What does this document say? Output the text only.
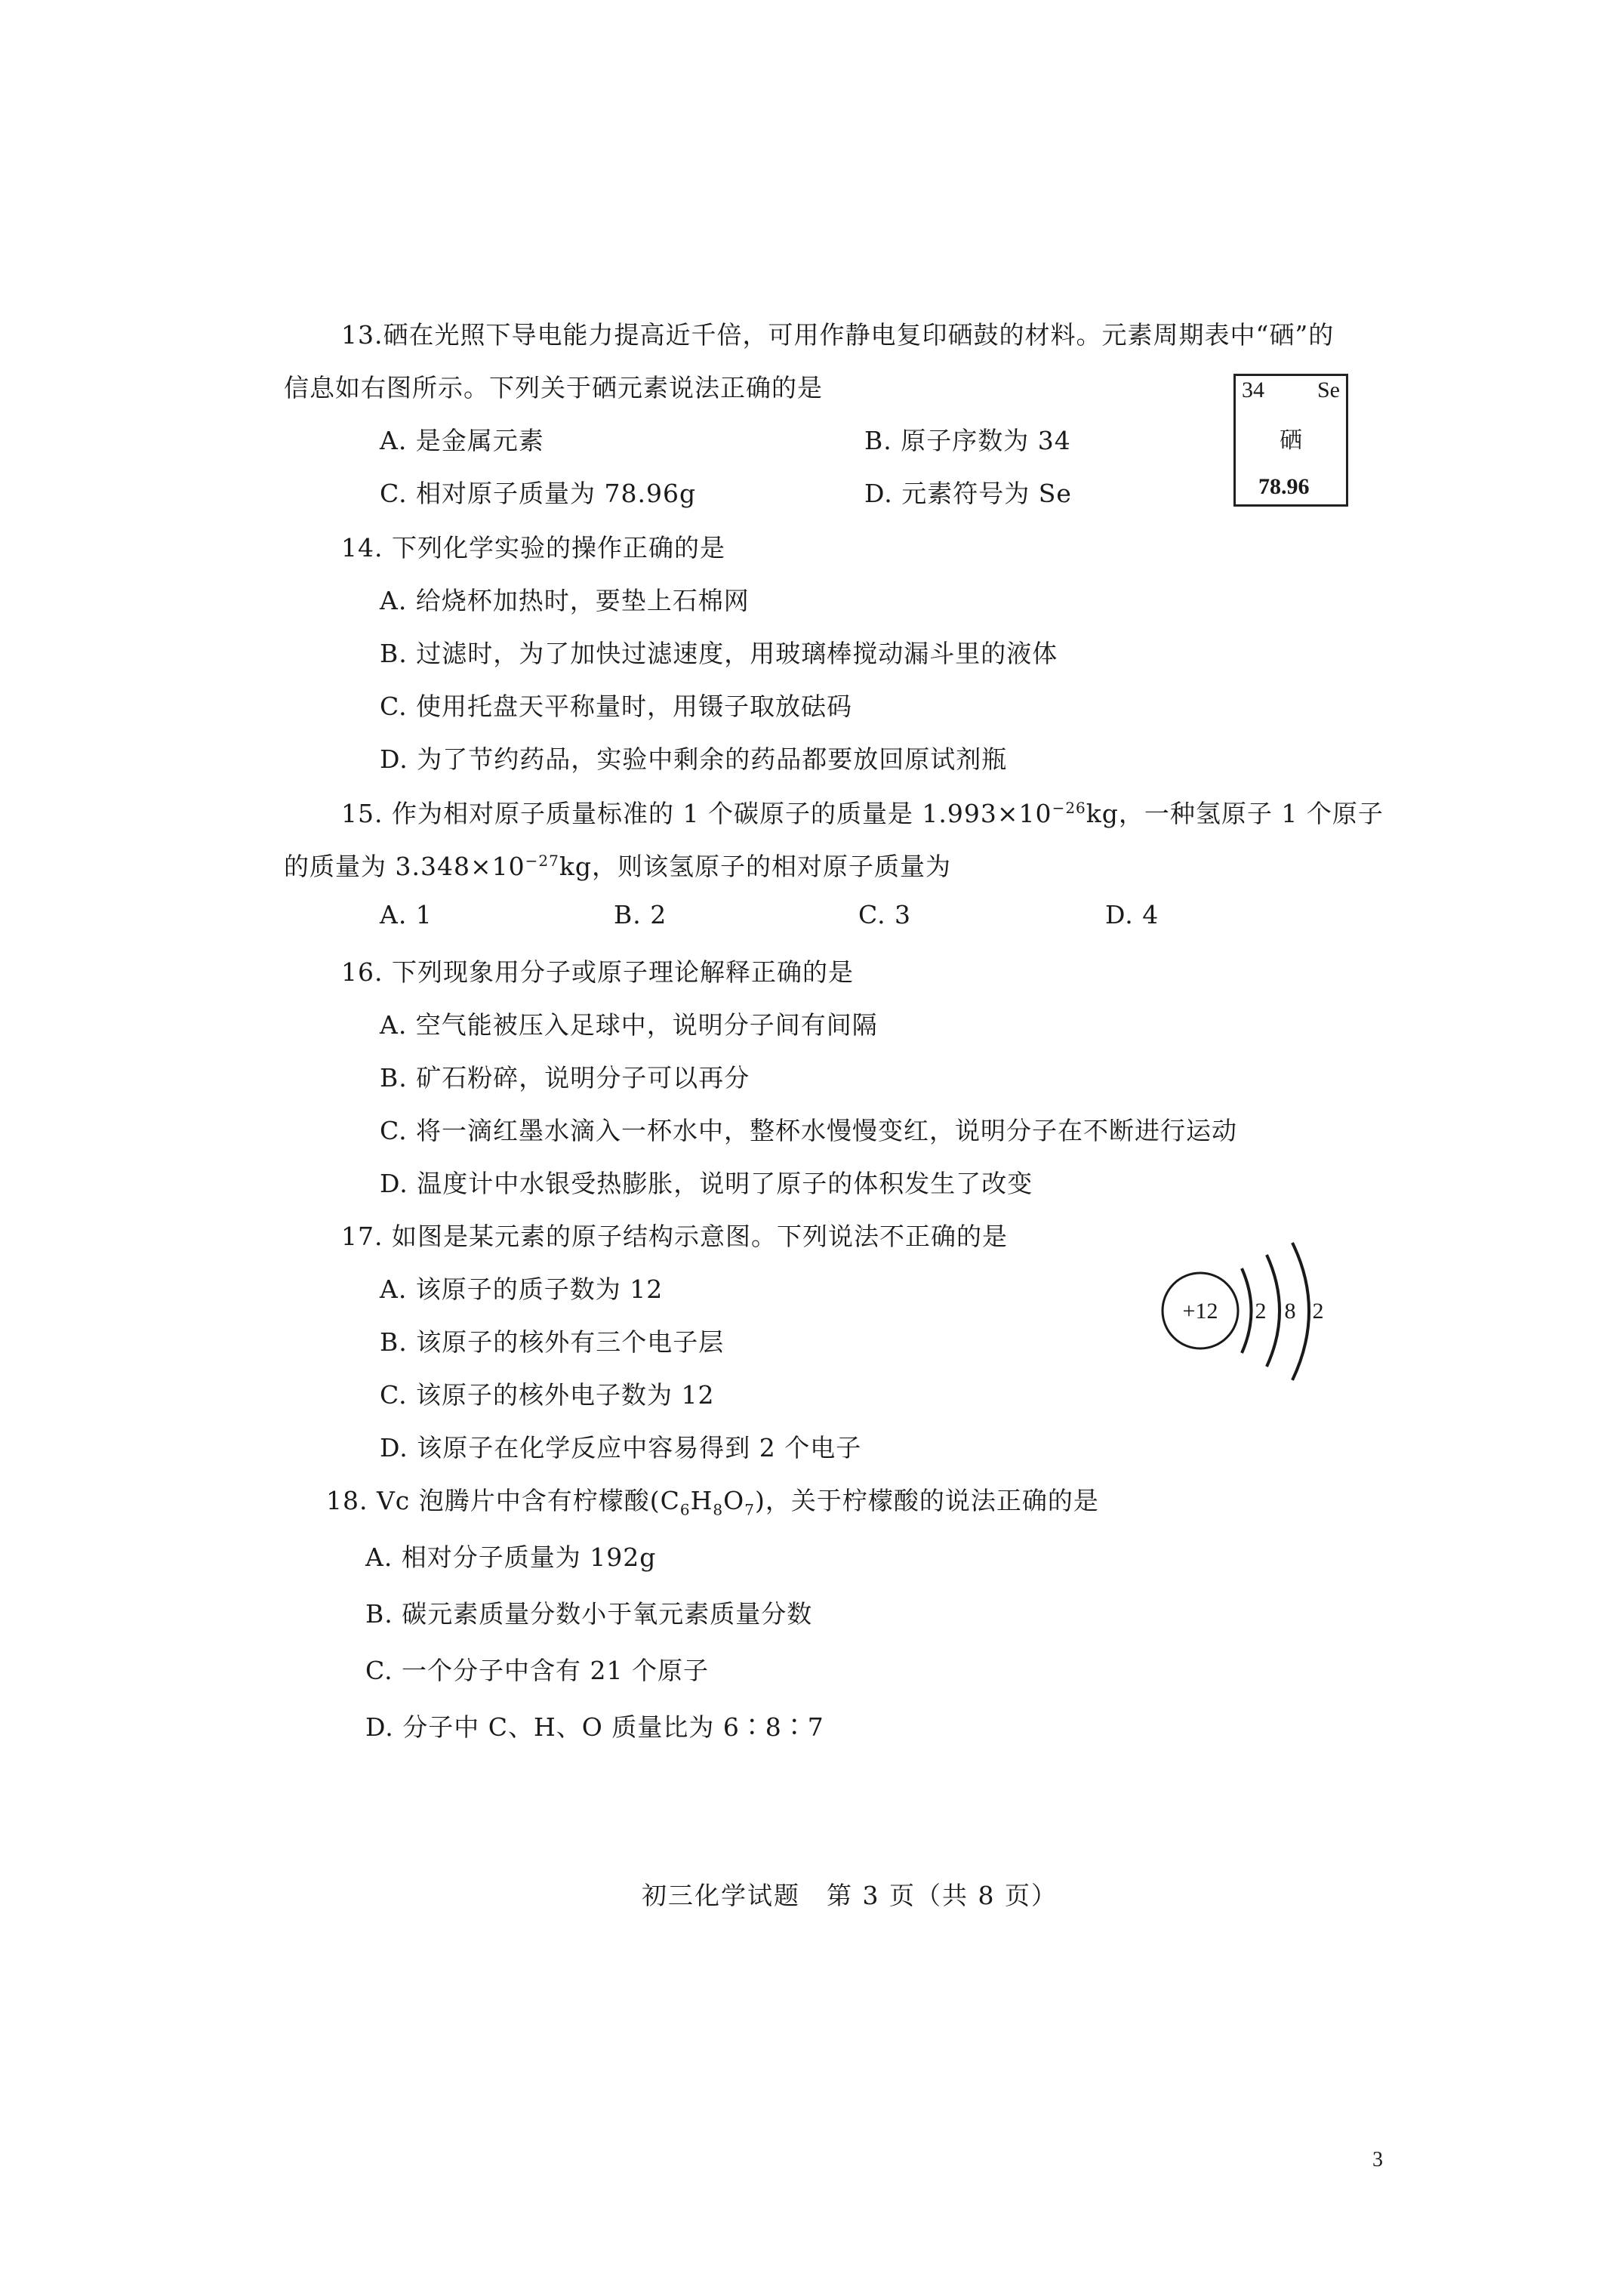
13.硒在光照下导电能力提高近千倍，可用作静电复印硒鼓的材料。元素周期表中“硒”的
信息如右图所示。下列关于硒元素说法正确的是
A. 是金属元素	B. 原子序数为 34
C. 相对原子质量为 78.96g	D. 元素符号为 Se
34 Se
硒
78.96
14. 下列化学实验的操作正确的是
A. 给烧杯加热时，要垫上石棉网
B. 过滤时，为了加快过滤速度，用玻璃棒搅动漏斗里的液体
C. 使用托盘天平称量时，用镊子取放砝码
D. 为了节约药品，实验中剩余的药品都要放回原试剂瓶
15. 作为相对原子质量标准的 1 个碳原子的质量是 $1.993\times 10^{-26}kg$，一种氢原子 1 个原子
的质量为 $3.348\times 10^{-27}kg$，则该氢原子的相对原子质量为
A. 1	B. 2	C. 3	D. 4
16. 下列现象用分子或原子理论解释正确的是
A. 空气能被压入足球中，说明分子间有间隔
B. 矿石粉碎，说明分子可以再分
C. 将一滴红墨水滴入一杯水中，整杯水慢慢变红，说明分子在不断进行运动
D. 温度计中水银受热膨胀，说明了原子的体积发生了改变
17. 如图是某元素的原子结构示意图。下列说法不正确的是
A. 该原子的质子数为 12
B. 该原子的核外有三个电子层
C. 该原子的核外电子数为 12
D. 该原子在化学反应中容易得到 2 个电子
+12 2 8 2
18. Vc 泡腾片中含有柠檬酸$(C_6H_8O_7)$，关于柠檬酸的说法正确的是
A. 相对分子质量为 192g
B. 碳元素质量分数小于氧元素质量分数
C. 一个分子中含有 21 个原子
D. 分子中 C、H、O 质量比为 6∶8∶7
初三化学试题　第 3 页（共 8 页）
3
